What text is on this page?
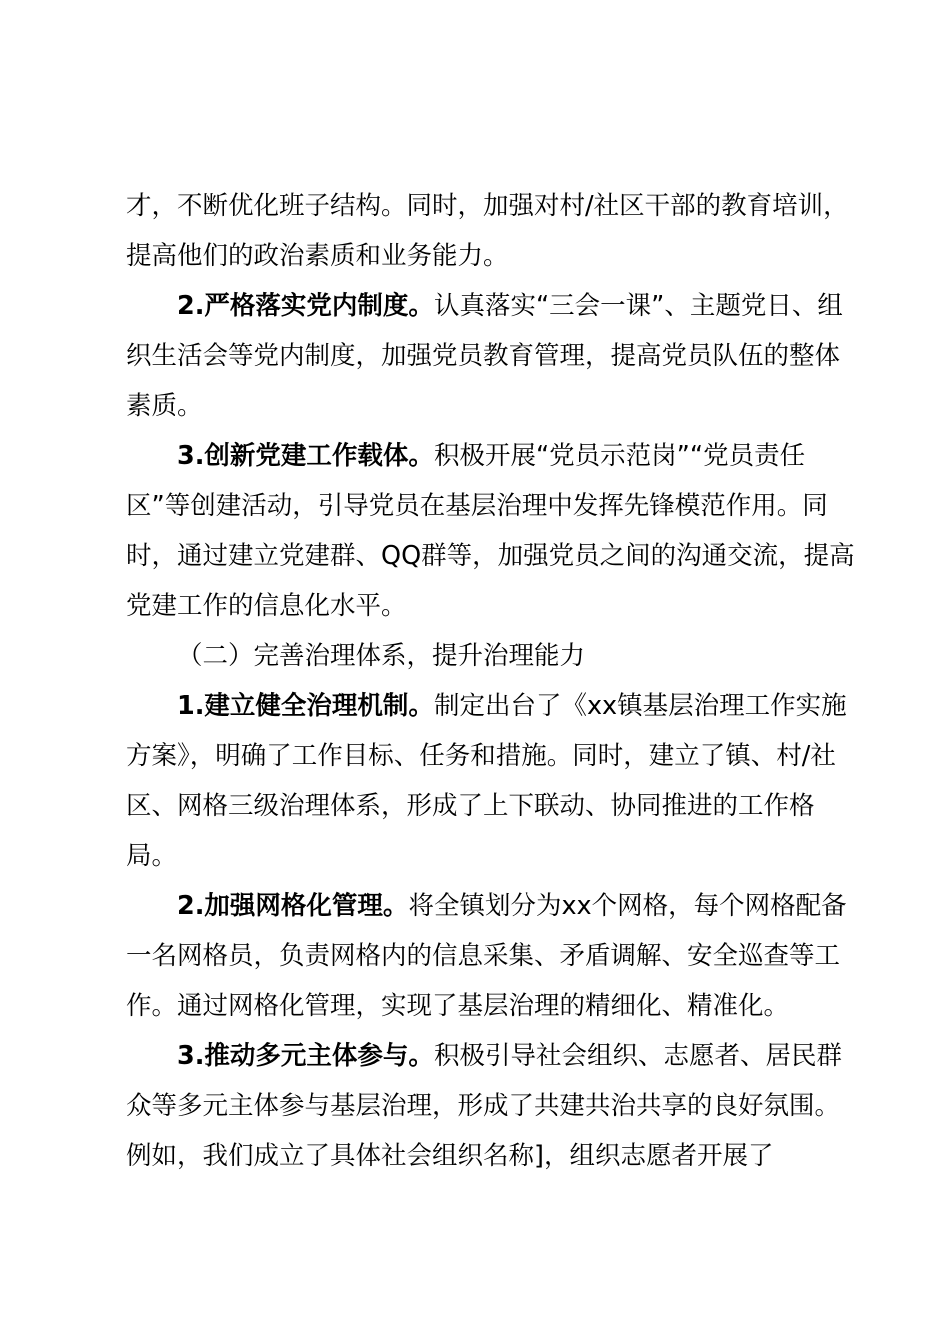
才，不断优化班子结构。同时，加强对村/社区干部的教育培训，提高他们的政治素质和业务能力。

2.严格落实党内制度。认真落实“三会一课”、主题党日、组织生活会等党内制度，加强党员教育管理，提高党员队伍的整体素质。

3.创新党建工作载体。积极开展“党员示范岗”“党员责任区”等创建活动，引导党员在基层治理中发挥先锋模范作用。同时，通过建立党建群、QQ群等，加强党员之间的沟通交流，提高党建工作的信息化水平。

（二）完善治理体系，提升治理能力

1.建立健全治理机制。制定出台了《xx镇基层治理工作实施方案》，明确了工作目标、任务和措施。同时，建立了镇、村/社区、网格三级治理体系，形成了上下联动、协同推进的工作格局。

2.加强网格化管理。将全镇划分为xx个网格，每个网格配备一名网格员，负责网格内的信息采集、矛盾调解、安全巡查等工作。通过网格化管理，实现了基层治理的精细化、精准化。

3.推动多元主体参与。积极引导社会组织、志愿者、居民群众等多元主体参与基层治理，形成了共建共治共享的良好氛围。例如，我们成立了具体社会组织名称]，组织志愿者开展了
